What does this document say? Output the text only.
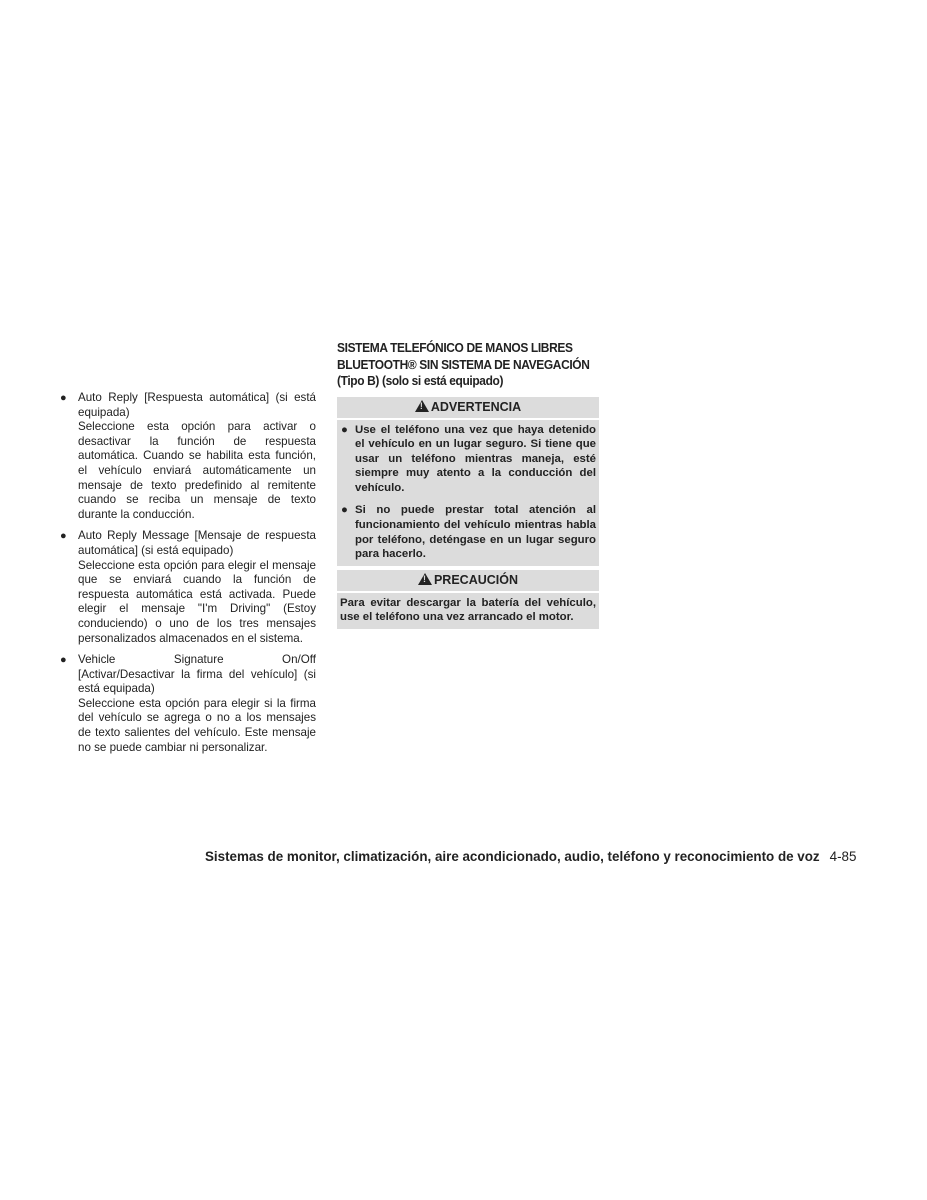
● Auto Reply [Respuesta automática] (si está equipada)
Seleccione esta opción para activar o desactivar la función de respuesta automática. Cuando se habilita esta función, el vehículo enviará automáticamente un mensaje de texto predefinido al remitente cuando se reciba un mensaje de texto durante la conducción.
● Auto Reply Message [Mensaje de respuesta automática] (si está equipado)
Seleccione esta opción para elegir el mensaje que se enviará cuando la función de respuesta automática está activada. Puede elegir el mensaje "I'm Driving" (Estoy conduciendo) o uno de los tres mensajes personalizados almacenados en el sistema.
● Vehicle Signature On/Off
[Activar/Desactivar la firma del vehículo] (si está equipada)
Seleccione esta opción para elegir si la firma del vehículo se agrega o no a los mensajes de texto salientes del vehículo. Este mensaje no se puede cambiar ni personalizar.
SISTEMA TELEFÓNICO DE MANOS LIBRES
BLUETOOTH® SIN SISTEMA DE NAVEGACIÓN
(Tipo B) (solo si está equipado)
!ADVERTENCIA
● Use el teléfono una vez que haya detenido el vehículo en un lugar seguro. Si tiene que usar un teléfono mientras maneja, esté siempre muy atento a la conducción del vehículo.
● Si no puede prestar total atención al funcionamiento del vehículo mientras habla por teléfono, deténgase en un lugar seguro para hacerlo.
!PRECAUCIÓN
Para evitar descargar la batería del vehículo, use el teléfono una vez arrancado el motor.
Sistemas de monitor, climatización, aire acondicionado, audio, teléfono y reconocimiento de voz 4-85
